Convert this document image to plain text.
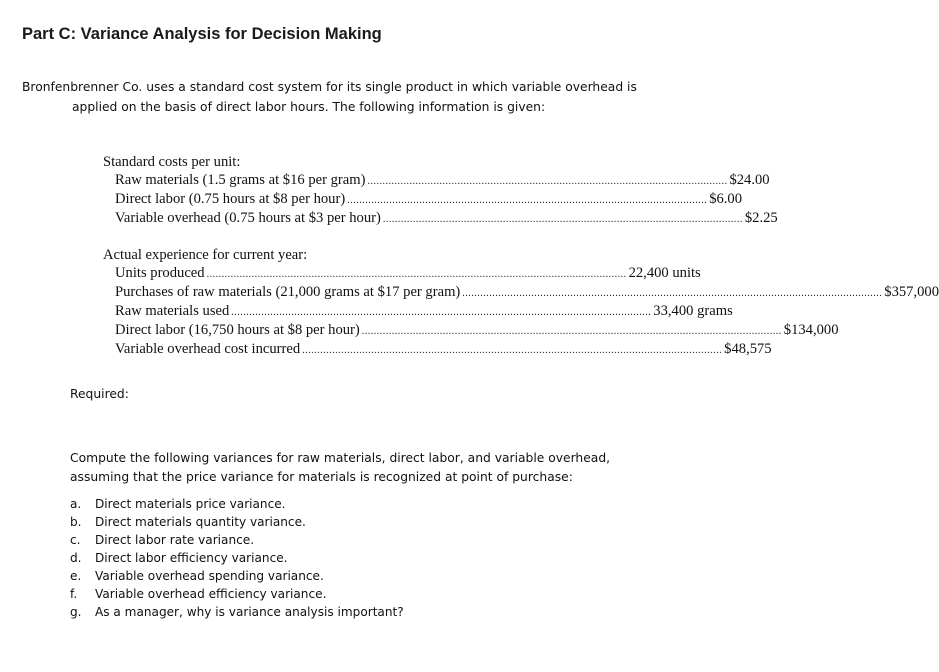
Part C: Variance Analysis for Decision Making
Bronfenbrenner Co. uses a standard cost system for its single product in which variable overhead is
applied on the basis of direct labor hours. The following information is given:
Standard costs per unit:
Raw materials (1.5 grams at $16 per gram) ........................................................................................................................ $24.00
Direct labor (0.75 hours at $8 per hour) ........................................................................................................................ $6.00
Variable overhead (0.75 hours at $3 per hour) ........................................................................................................................ $2.25
Actual experience for current year:
Units produced ............................................................................................................................................ 22,400 units
Purchases of raw materials (21,000 grams at $17 per gram) ............................................................................................................................................ $357,000
Raw materials used ............................................................................................................................................ 33,400 grams
Direct labor (16,750 hours at $8 per hour) ............................................................................................................................................ $134,000
Variable overhead cost incurred ............................................................................................................................................ $48,575
Required:
Compute the following variances for raw materials, direct labor, and variable overhead, assuming that the price variance for materials is recognized at point of purchase:
a.	Direct materials price variance.
b.	Direct materials quantity variance.
c.	Direct labor rate variance.
d.	Direct labor efficiency variance.
e.	Variable overhead spending variance.
f.	Variable overhead efficiency variance.
g.	As a manager, why is variance analysis important?
